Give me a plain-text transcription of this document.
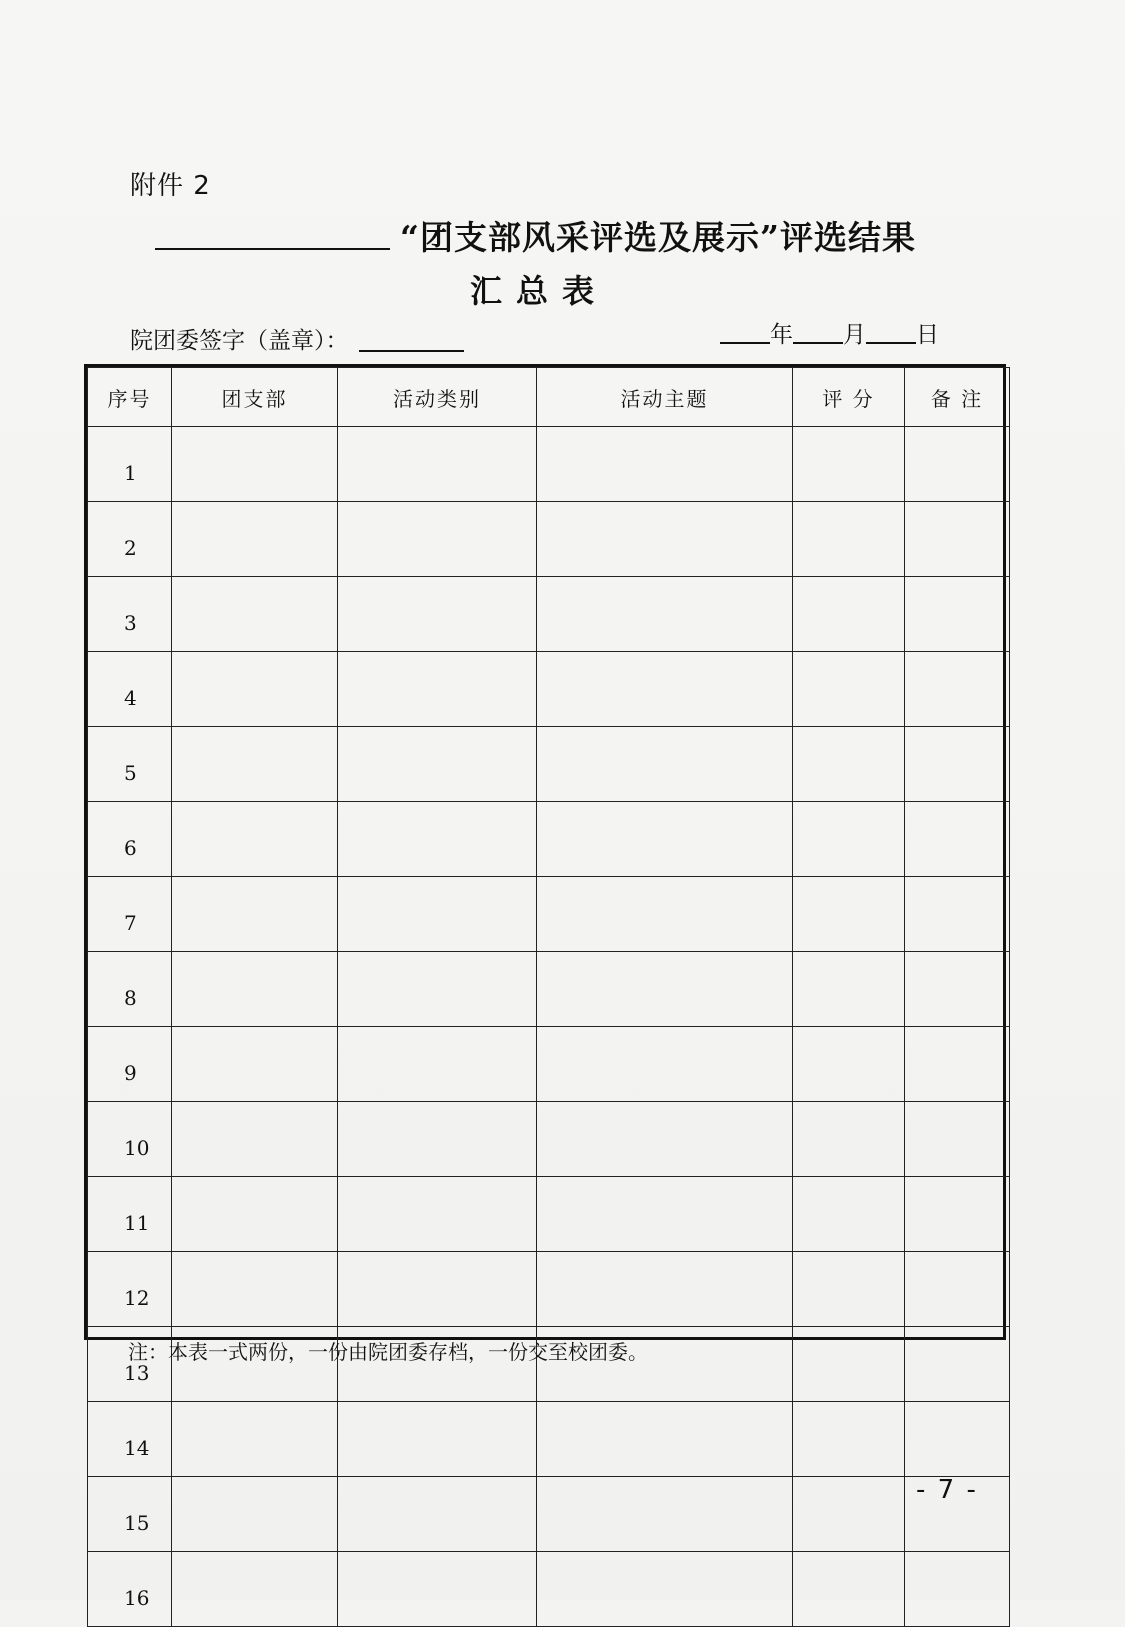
附件 2
“团支部风采评选及展示”评选结果
汇总表
院团委签字（盖章）：	年 月 日
序号	团支部	活动类别	活动主题	评 分	备 注
1					
2					
3					
4					
5					
6					
7					
8					
9					
10					
11					
12					
13					
14					
15					
16					
注：本表一式两份，一份由院团委存档，一份交至校团委。
- 7 -
